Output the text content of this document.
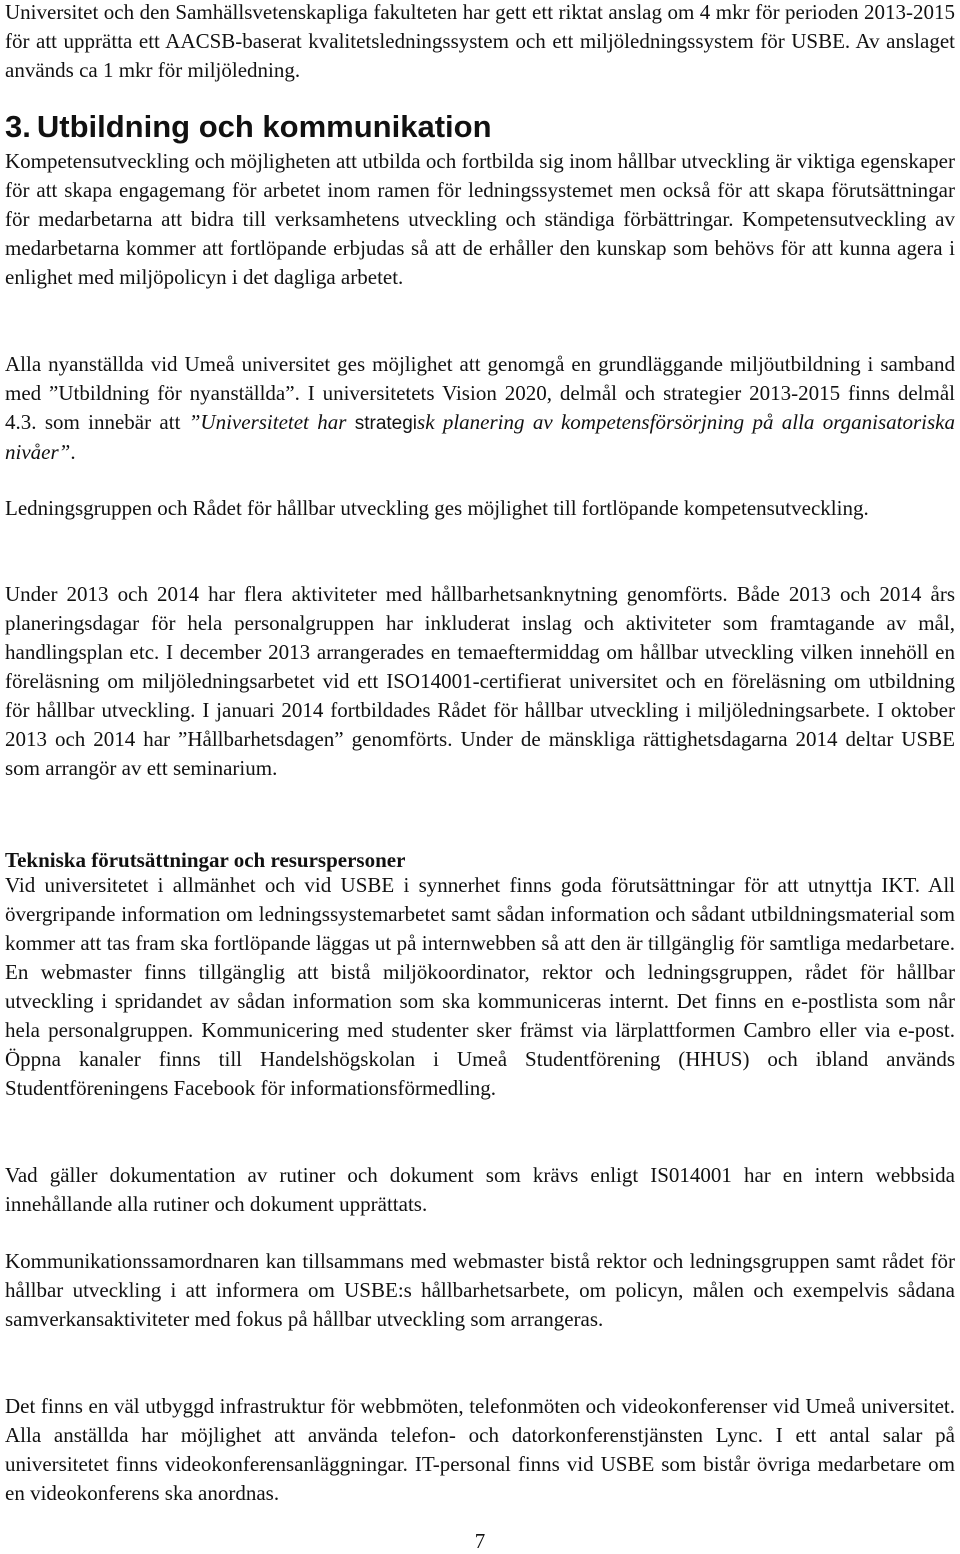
Universitet och den Samhällsvetenskapliga fakulteten har gett ett riktat anslag om 4 mkr för perioden 2013-2015 för att upprätta ett AACSB-baserat kvalitetsledningssystem och ett miljöledningssystem för USBE. Av anslaget används ca 1 mkr för miljöledning.

3. Utbildning och kommunikation

Kompetensutveckling och möjligheten att utbilda och fortbilda sig inom hållbar utveckling är viktiga egenskaper för att skapa engagemang för arbetet inom ramen för ledningssystemet men också för att skapa förutsättningar för medarbetarna att bidra till verksamhetens utveckling och ständiga förbättringar. Kompetensutveckling av medarbetarna kommer att fortlöpande erbjudas så att de erhåller den kunskap som behövs för att kunna agera i enlighet med miljöpolicyn i det dagliga arbetet.

Alla nyanställda vid Umeå universitet ges möjlighet att genomgå en grundläggande miljöutbildning i samband med ”Utbildning för nyanställda”. I universitetets Vision 2020, delmål och strategier 2013-2015 finns delmål 4.3. som innebär att ”Universitetet har strategisk planering av kompetensförsörjning på alla organisatoriska nivåer”.

Ledningsgruppen och Rådet för hållbar utveckling ges möjlighet till fortlöpande kompetensutveckling.

Under 2013 och 2014 har flera aktiviteter med hållbarhetsanknytning genomförts. Både 2013 och 2014 års planeringsdagar för hela personalgruppen har inkluderat inslag och aktiviteter som framtagande av mål, handlingsplan etc. I december 2013 arrangerades en temaeftermiddag om hållbar utveckling vilken innehöll en föreläsning om miljöledningsarbetet vid ett ISO14001-certifierat universitet och en föreläsning om utbildning för hållbar utveckling. I januari 2014 fortbildades Rådet för hållbar utveckling i miljöledningsarbete. I oktober 2013 och 2014 har ”Hållbarhetsdagen” genomförts. Under de mänskliga rättighetsdagarna 2014 deltar USBE som arrangör av ett seminarium.

Tekniska förutsättningar och resurspersoner

Vid universitetet i allmänhet och vid USBE i synnerhet finns goda förutsättningar för att utnyttja IKT. All övergripande information om ledningssystemarbetet samt sådan information och sådant utbildningsmaterial som kommer att tas fram ska fortlöpande läggas ut på internwebben så att den är tillgänglig för samtliga medarbetare. En webmaster finns tillgänglig att bistå miljökoordinator, rektor och ledningsgruppen, rådet för hållbar utveckling i spridandet av sådan information som ska kommuniceras internt. Det finns en e-postlista som når hela personalgruppen. Kommunicering med studenter sker främst via lärplattformen Cambro eller via e-post. Öppna kanaler finns till Handelshögskolan i Umeå Studentförening (HHUS) och ibland används Studentföreningens Facebook för informationsförmedling.

Vad gäller dokumentation av rutiner och dokument som krävs enligt IS014001 har en intern webbsida innehållande alla rutiner och dokument upprättats.

Kommunikationssamordnaren kan tillsammans med webmaster bistå rektor och ledningsgruppen samt rådet för hållbar utveckling i att informera om USBE:s hållbarhetsarbete, om policyn, målen och exempelvis sådana samverkansaktiviteter med fokus på hållbar utveckling som arrangeras.

Det finns en väl utbyggd infrastruktur för webbmöten, telefonmöten och videokonferenser vid Umeå universitet. Alla anställda har möjlighet att använda telefon- och datorkonferenstjänsten Lync. I ett antal salar på universitetet finns videokonferensanläggningar. IT-personal finns vid USBE som bistår övriga medarbetare om en videokonferens ska anordnas.

7
